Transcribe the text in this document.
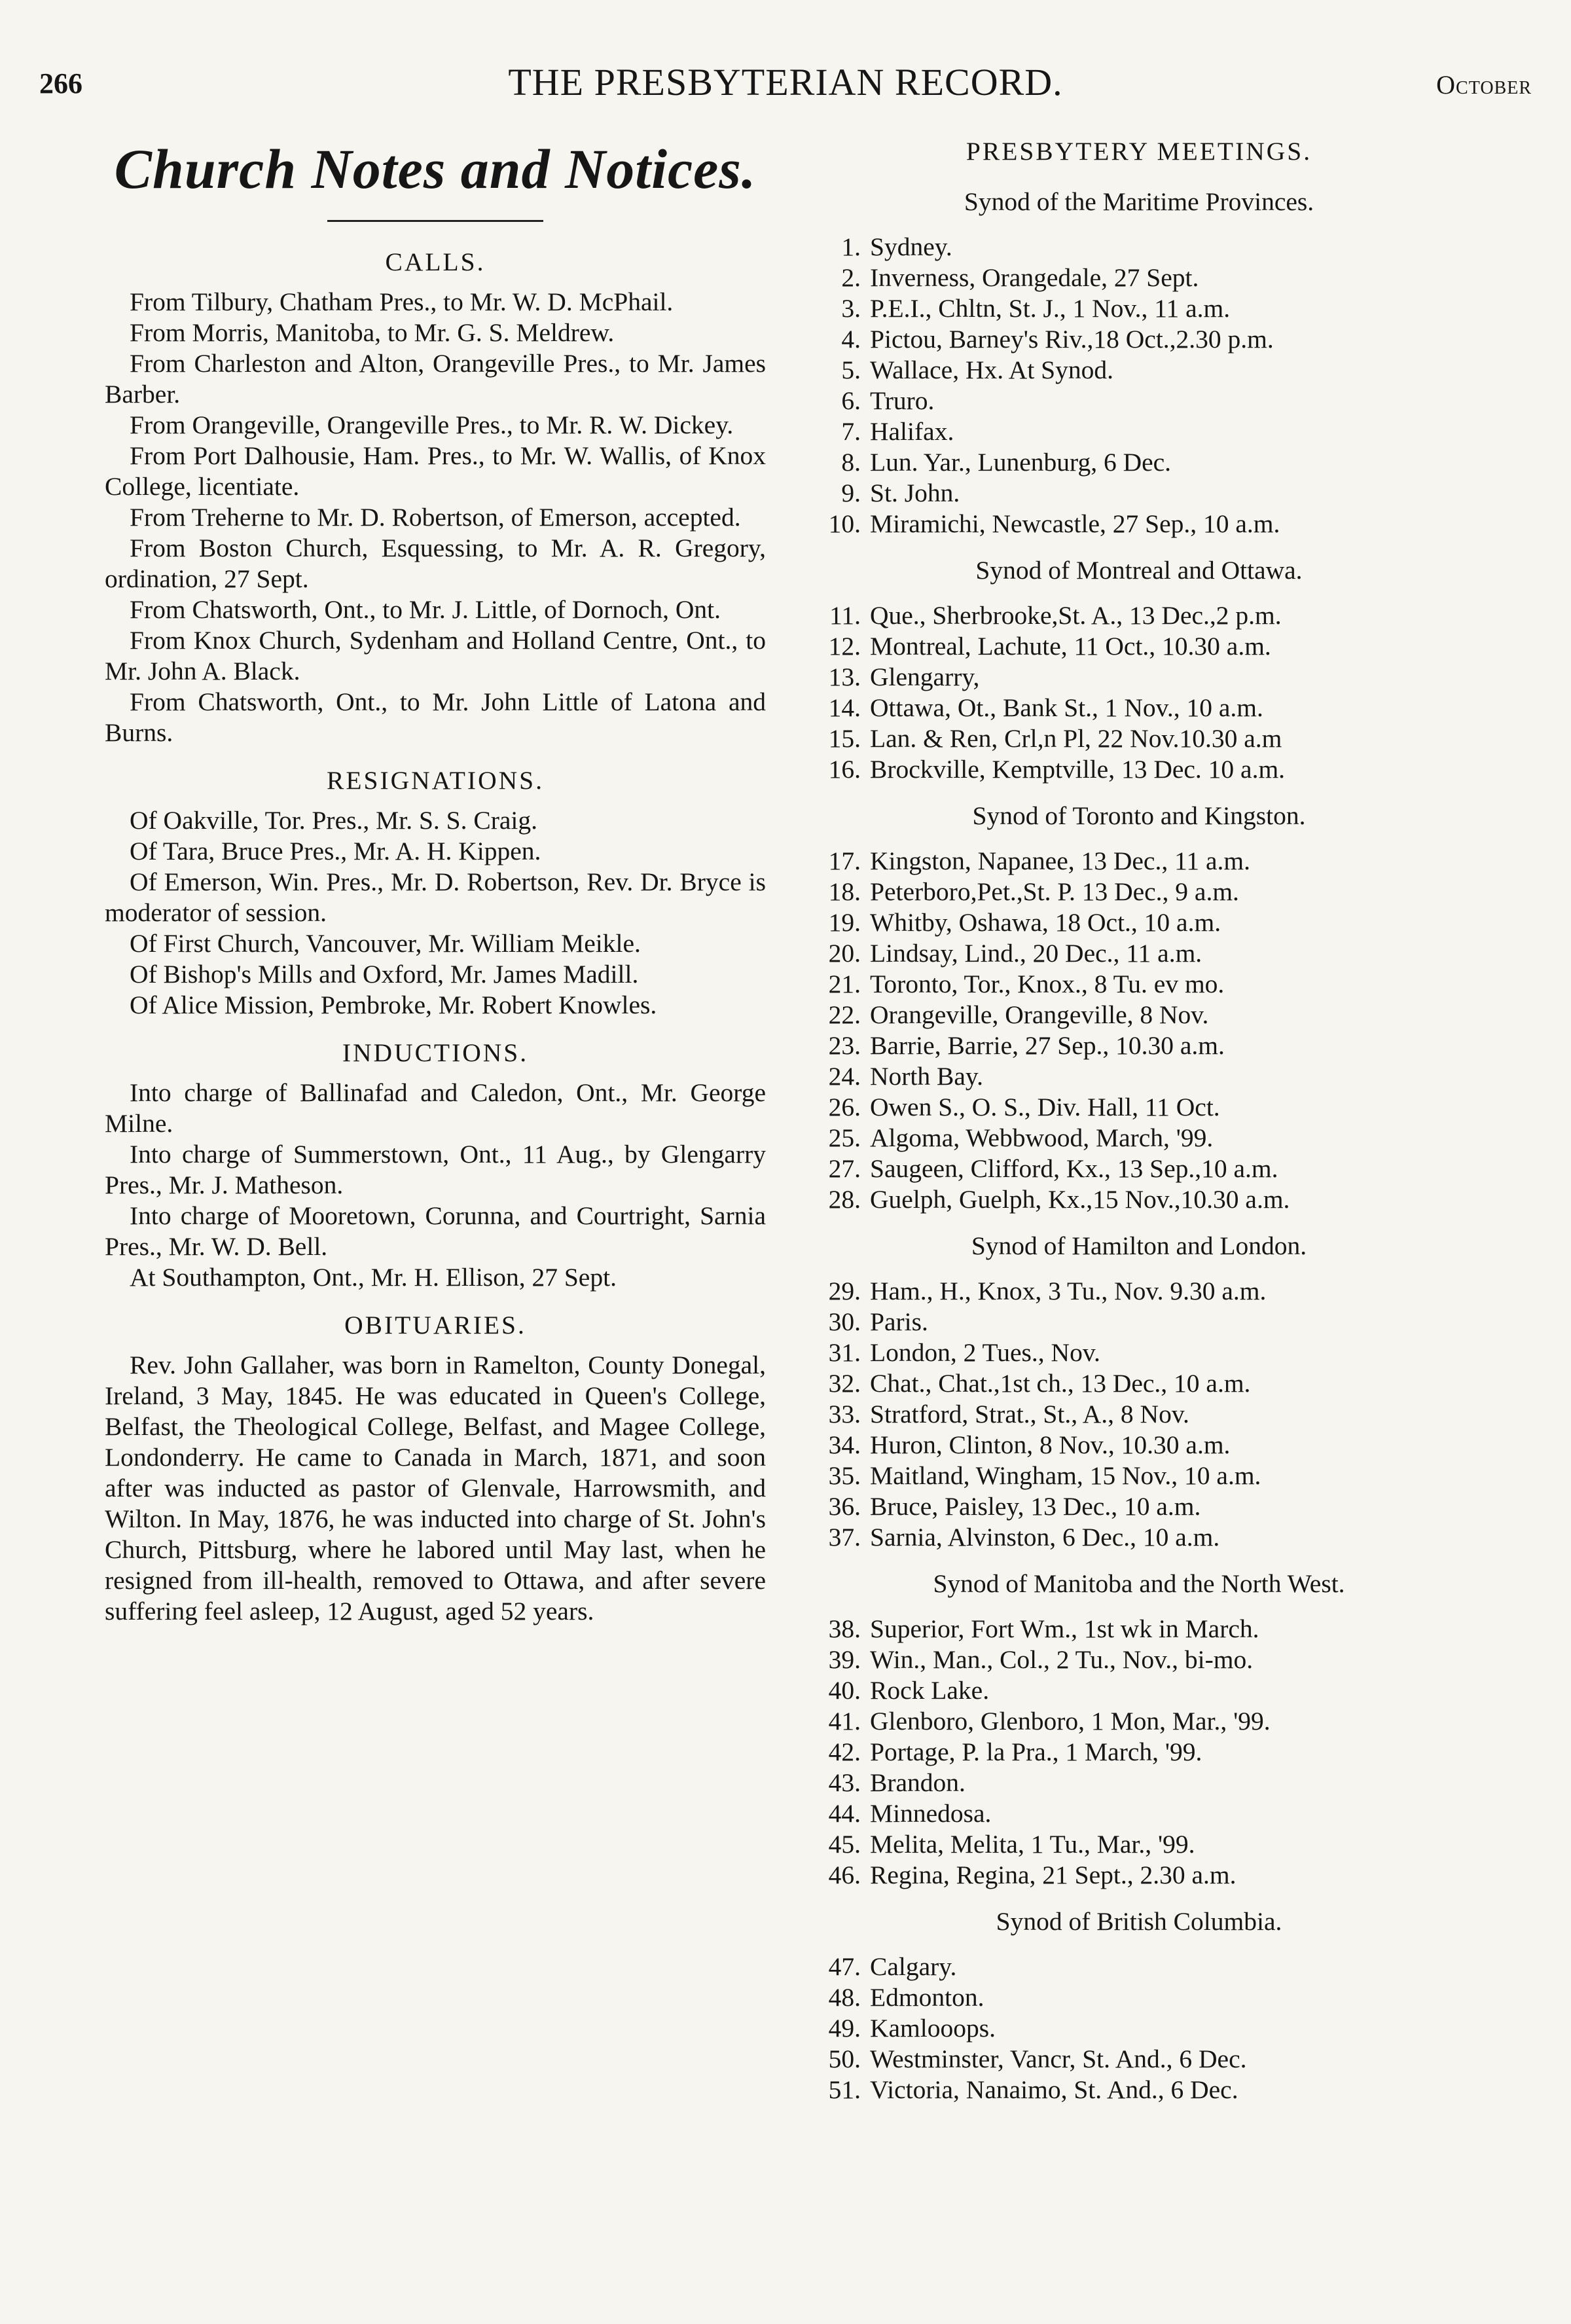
266	THE PRESBYTERIAN RECORD.	October
Church Notes and Notices.
CALLS.

From Tilbury, Chatham Pres., to Mr. W. D. McPhail.

From Morris, Manitoba, to Mr. G. S. Meldrew.

From Charleston and Alton, Orangeville Pres., to Mr. James Barber.

From Orangeville, Orangeville Pres., to Mr. R. W. Dickey.

From Port Dalhousie, Ham. Pres., to Mr. W. Wallis, of Knox College, licentiate.

From Treherne to Mr. D. Robertson, of Emerson, accepted.

From Boston Church, Esquessing, to Mr. A. R. Gregory, ordination, 27 Sept.

From Chatsworth, Ont., to Mr. J. Little, of Dornoch, Ont.

From Knox Church, Sydenham and Holland Centre, Ont., to Mr. John A. Black.

From Chatsworth, Ont., to Mr. John Little of Latona and Burns.

RESIGNATIONS.

Of Oakville, Tor. Pres., Mr. S. S. Craig.

Of Tara, Bruce Pres., Mr. A. H. Kippen.

Of Emerson, Win. Pres., Mr. D. Robertson, Rev. Dr. Bryce is moderator of session.

Of First Church, Vancouver, Mr. William Meikle.

Of Bishop's Mills and Oxford, Mr. James Madill.

Of Alice Mission, Pembroke, Mr. Robert Knowles.

INDUCTIONS.

Into charge of Ballinafad and Caledon, Ont., Mr. George Milne.

Into charge of Summerstown, Ont., 11 Aug., by Glengarry Pres., Mr. J. Matheson.

Into charge of Mooretown, Corunna, and Courtright, Sarnia Pres., Mr. W. D. Bell.

At Southampton, Ont., Mr. H. Ellison, 27 Sept.

OBITUARIES.

Rev. John Gallaher, was born in Ramelton, County Donegal, Ireland, 3 May, 1845. He was educated in Queen's College, Belfast, the Theological College, Belfast, and Magee College, Londonderry. He came to Canada in March, 1871, and soon after was inducted as pastor of Glenvale, Harrowsmith, and Wilton. In May, 1876, he was inducted into charge of St. John's Church, Pittsburg, where he labored until May last, when he resigned from ill-health, removed to Ottawa, and after severe suffering feel asleep, 12 August, aged 52 years.

PRESBYTERY MEETINGS.
Synod of the Maritime Provinces.
1. Sydney.
2. Inverness, Orangedale, 27 Sept.
3. P.E.I., Chltn, St. J., 1 Nov., 11 a.m.
4. Pictou, Barney's Riv.,18 Oct.,2.30 p.m.
5. Wallace, Hx. At Synod.
6. Truro.
7. Halifax.
8. Lun. Yar., Lunenburg, 6 Dec.
9. St. John.
10. Miramichi, Newcastle, 27 Sep., 10 a.m.
Synod of Montreal and Ottawa.
11. Que., Sherbrooke,St. A., 13 Dec.,2 p.m.
12. Montreal, Lachute, 11 Oct., 10.30 a.m.
13. Glengarry,
14. Ottawa, Ot., Bank St., 1 Nov., 10 a.m.
15. Lan. & Ren, Crl,n Pl, 22 Nov.10.30 a.m
16. Brockville, Kemptville, 13 Dec. 10 a.m.
Synod of Toronto and Kingston.
17. Kingston, Napanee, 13 Dec., 11 a.m.
18. Peterboro,Pet.,St. P. 13 Dec., 9 a.m.
19. Whitby, Oshawa, 18 Oct., 10 a.m.
20. Lindsay, Lind., 20 Dec., 11 a.m.
21. Toronto, Tor., Knox., 8 Tu. ev mo.
22. Orangeville, Orangeville, 8 Nov.
23. Barrie, Barrie, 27 Sep., 10.30 a.m.
24. North Bay.
26. Owen S., O. S., Div. Hall, 11 Oct.
25. Algoma, Webbwood, March, '99.
27. Saugeen, Clifford, Kx., 13 Sep.,10 a.m.
28. Guelph, Guelph, Kx.,15 Nov.,10.30 a.m.
Synod of Hamilton and London.
29. Ham., H., Knox, 3 Tu., Nov. 9.30 a.m.
30. Paris.
31. London, 2 Tues., Nov.
32. Chat., Chat.,1st ch., 13 Dec., 10 a.m.
33. Stratford, Strat., St., A., 8 Nov.
34. Huron, Clinton, 8 Nov., 10.30 a.m.
35. Maitland, Wingham, 15 Nov., 10 a.m.
36. Bruce, Paisley, 13 Dec., 10 a.m.
37. Sarnia, Alvinston, 6 Dec., 10 a.m.
Synod of Manitoba and the North West.
38. Superior, Fort Wm., 1st wk in March.
39. Win., Man., Col., 2 Tu., Nov., bi-mo.
40. Rock Lake.
41. Glenboro, Glenboro, 1 Mon, Mar., '99.
42. Portage, P. la Pra., 1 March, '99.
43. Brandon.
44. Minnedosa.
45. Melita, Melita, 1 Tu., Mar., '99.
46. Regina, Regina, 21 Sept., 2.30 a.m.
Synod of British Columbia.
47. Calgary.
48. Edmonton.
49. Kamlooops.
50. Westminster, Vancr, St. And., 6 Dec.
51. Victoria, Nanaimo, St. And., 6 Dec.
